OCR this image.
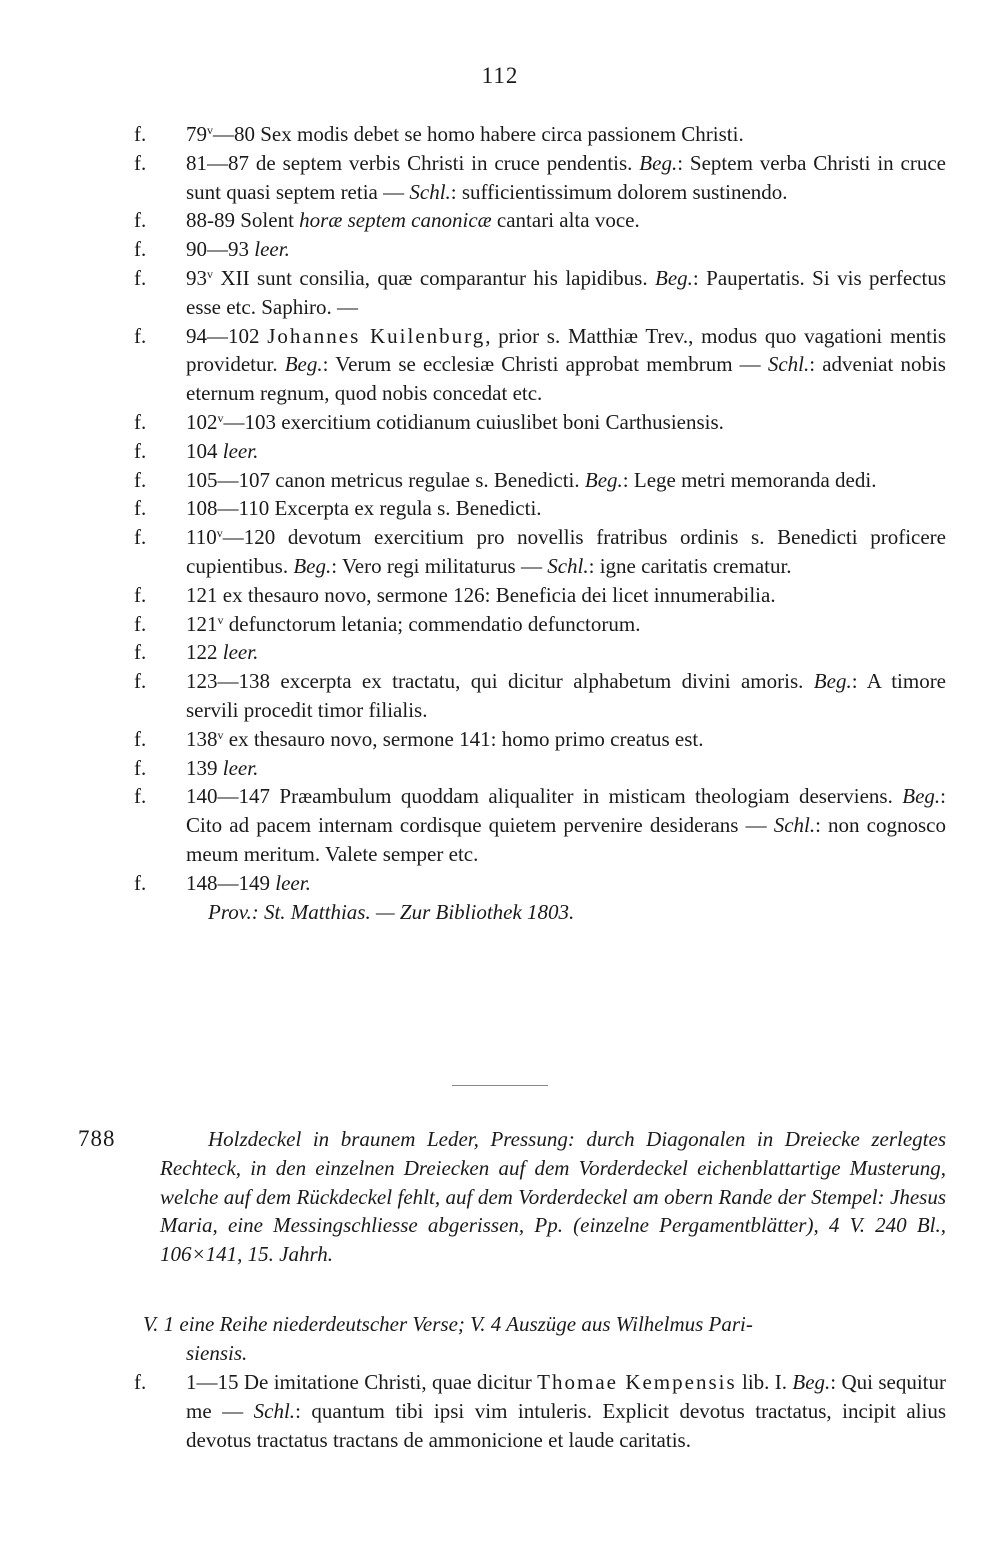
112
f. 79$^v$—80 Sex modis debet se homo habere circa passionem Christi.
f. 81—87 de septem verbis Christi in cruce pendentis. Beg.: Septem verba Christi in cruce sunt quasi septem retia — Schl.: sufficientissimum dolorem sustinendo.
f. 88-89 Solent horæ septem canonicæ cantari alta voce.
f. 90—93 leer.
f. 93$^v$ XII sunt consilia, quæ comparantur his lapidibus. Beg.: Paupertatis. Si vis perfectus esse etc. Saphiro. —
f. 94—102 Johannes Kuilenburg, prior s. Matthiæ Trev., modus quo vagationi mentis providetur. Beg.: Verum se ecclesiæ Christi approbat membrum — Schl.: adveniat nobis eternum regnum, quod nobis concedat etc.
f. 102$^v$—103 exercitium cotidianum cuiuslibet boni Carthusiensis.
f. 104 leer.
f. 105—107 canon metricus regulae s. Benedicti. Beg.: Lege metri memoranda dedi.
f. 108—110 Excerpta ex regula s. Benedicti.
f. 110$^v$—120 devotum exercitium pro novellis fratribus ordinis s. Benedicti proficere cupientibus. Beg.: Vero regi militaturus — Schl.: igne caritatis crematur.
f. 121 ex thesauro novo, sermone 126: Beneficia dei licet innumerabilia.
f. 121$^v$ defunctorum letania; commendatio defunctorum.
f. 122 leer.
f. 123—138 excerpta ex tractatu, qui dicitur alphabetum divini amoris. Beg.: A timore servili procedit timor filialis.
f. 138$^v$ ex thesauro novo, sermone 141: homo primo creatus est.
f. 139 leer.
f. 140—147 Præambulum quoddam aliqualiter in misticam theologiam deserviens. Beg.: Cito ad pacem internam cordisque quietem pervenire desiderans — Schl.: non cognosco meum meritum. Valete semper etc.
f. 148—149 leer.
Prov.: St. Matthias. — Zur Bibliothek 1803.
788	Holzdeckel in braunem Leder, Pressung: durch Diagonalen in Dreiecke zerlegtes Rechteck, in den einzelnen Dreiecken auf dem Vorderdeckel eichenblattartige Musterung, welche auf dem Rückdeckel fehlt, auf dem Vorderdeckel am obern Rande der Stempel: Jhesus Maria, eine Messingschliesse abgerissen, Pp. (einzelne Pergamentblätter), 4 V. 240 Bl., 106×141, 15. Jahrh.
V. 1 eine Reihe niederdeutscher Verse; V. 4 Auszüge aus Wilhelmus Pari-
siensis.
f. 1—15 De imitatione Christi, quae dicitur Thomae Kempensis lib. I. Beg.: Qui sequitur me — Schl.: quantum tibi ipsi vim intuleris. Explicit devotus tractatus, incipit alius devotus tractatus tractans de ammonicione et laude caritatis.
